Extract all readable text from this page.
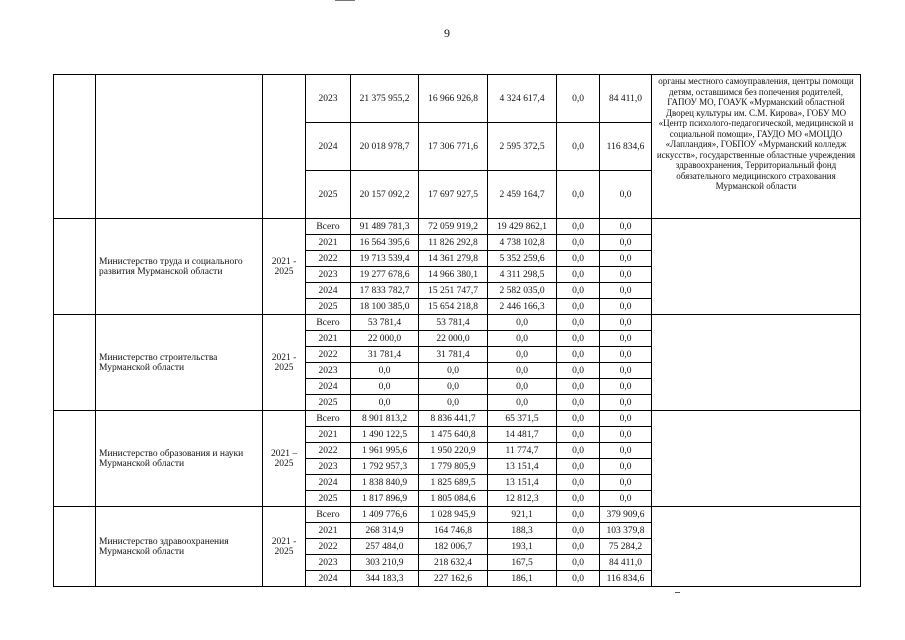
9
			2023	21 375 955,2	16 966 926,8	4 324 617,4	0,0	84 411,0	органы местного самоуправления, центры помощи детям, оставшимся без попечения родителей, ГАПОУ МО, ГОАУК «Мурманский областной Дворец культуры им. С.М. Кирова», ГОБУ МО «Центр психолого-педагогической, медицинской и социальной помощи», ГАУДО МО «МОЦДО «Лапландия», ГОБПОУ «Мурманский колледж искусств», государственные областные учреждения здравоохранения, Территориальный фонд обязательного медицинского страхования Мурманской области
			2024	20 018 978,7	17 306 771,6	2 595 372,5	0,0	116 834,6	
			2025	20 157 092,2	17 697 927,5	2 459 164,7	0,0	0,0	
	Министерство труда и социального развития Мурманской области	2021 - 2025	Всего	91 489 781,3	72 059 919,2	19 429 862,1	0,0	0,0	
			2021	16 564 395,6	11 826 292,8	4 738 102,8	0,0	0,0	
			2022	19 713 539,4	14 361 279,8	5 352 259,6	0,0	0,0	
			2023	19 277 678,6	14 966 380,1	4 311 298,5	0,0	0,0	
			2024	17 833 782,7	15 251 747,7	2 582 035,0	0,0	0,0	
			2025	18 100 385,0	15 654 218,8	2 446 166,3	0,0	0,0	
	Министерство строительства Мурманской области	2021 - 2025	Всего	53 781,4	53 781,4	0,0	0,0	0,0	
			2021	22 000,0	22 000,0	0,0	0,0	0,0	
			2022	31 781,4	31 781,4	0,0	0,0	0,0	
			2023	0,0	0,0	0,0	0,0	0,0	
			2024	0,0	0,0	0,0	0,0	0,0	
			2025	0,0	0,0	0,0	0,0	0,0	
	Министерство образования и науки Мурманской области	2021 – 2025	Всего	8 901 813,2	8 836 441,7	65 371,5	0,0	0,0	
			2021	1 490 122,5	1 475 640,8	14 481,7	0,0	0,0	
			2022	1 961 995,6	1 950 220,9	11 774,7	0,0	0,0	
			2023	1 792 957,3	1 779 805,9	13 151,4	0,0	0,0	
			2024	1 838 840,9	1 825 689,5	13 151,4	0,0	0,0	
			2025	1 817 896,9	1 805 084,6	12 812,3	0,0	0,0	
	Министерство здравоохранения Мурманской области	2021 - 2025	Всего	1 409 776,6	1 028 945,9	921,1	0,0	379 909,6	
			2021	268 314,9	164 746,8	188,3	0,0	103 379,8	
			2022	257 484,0	182 006,7	193,1	0,0	75 284,2	
			2023	303 210,9	218 632,4	167,5	0,0	84 411,0	
			2024	344 183,3	227 162,6	186,1	0,0	116 834,6	
